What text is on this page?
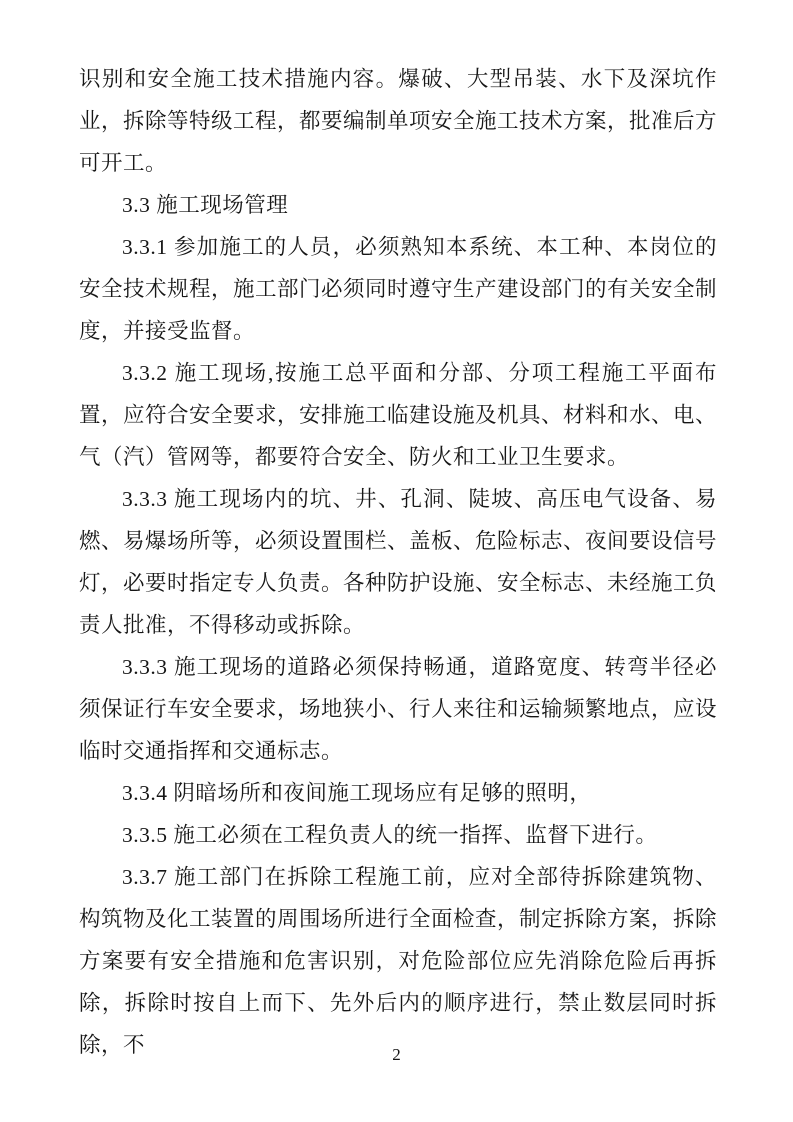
识别和安全施工技术措施内容。爆破、大型吊装、水下及深坑作业，拆除等特级工程，都要编制单项安全施工技术方案，批准后方可开工。

3.3 施工现场管理

3.3.1 参加施工的人员，必须熟知本系统、本工种、本岗位的安全技术规程，施工部门必须同时遵守生产建设部门的有关安全制度，并接受监督。

3.3.2 施工现场,按施工总平面和分部、分项工程施工平面布置，应符合安全要求，安排施工临建设施及机具、材料和水、电、气（汽）管网等，都要符合安全、防火和工业卫生要求。

3.3.3 施工现场内的坑、井、孔洞、陡坡、高压电气设备、易燃、易爆场所等，必须设置围栏、盖板、危险标志、夜间要设信号灯，必要时指定专人负责。各种防护设施、安全标志、未经施工负责人批准，不得移动或拆除。

3.3.3 施工现场的道路必须保持畅通，道路宽度、转弯半径必须保证行车安全要求，场地狭小、行人来往和运输频繁地点，应设临时交通指挥和交通标志。

3.3.4 阴暗场所和夜间施工现场应有足够的照明，

3.3.5 施工必须在工程负责人的统一指挥、监督下进行。

3.3.7 施工部门在拆除工程施工前，应对全部待拆除建筑物、构筑物及化工装置的周围场所进行全面检查，制定拆除方案，拆除方案要有安全措施和危害识别，对危险部位应先消除危险后再拆除，拆除时按自上而下、先外后内的顺序进行，禁止数层同时拆除，不	2
